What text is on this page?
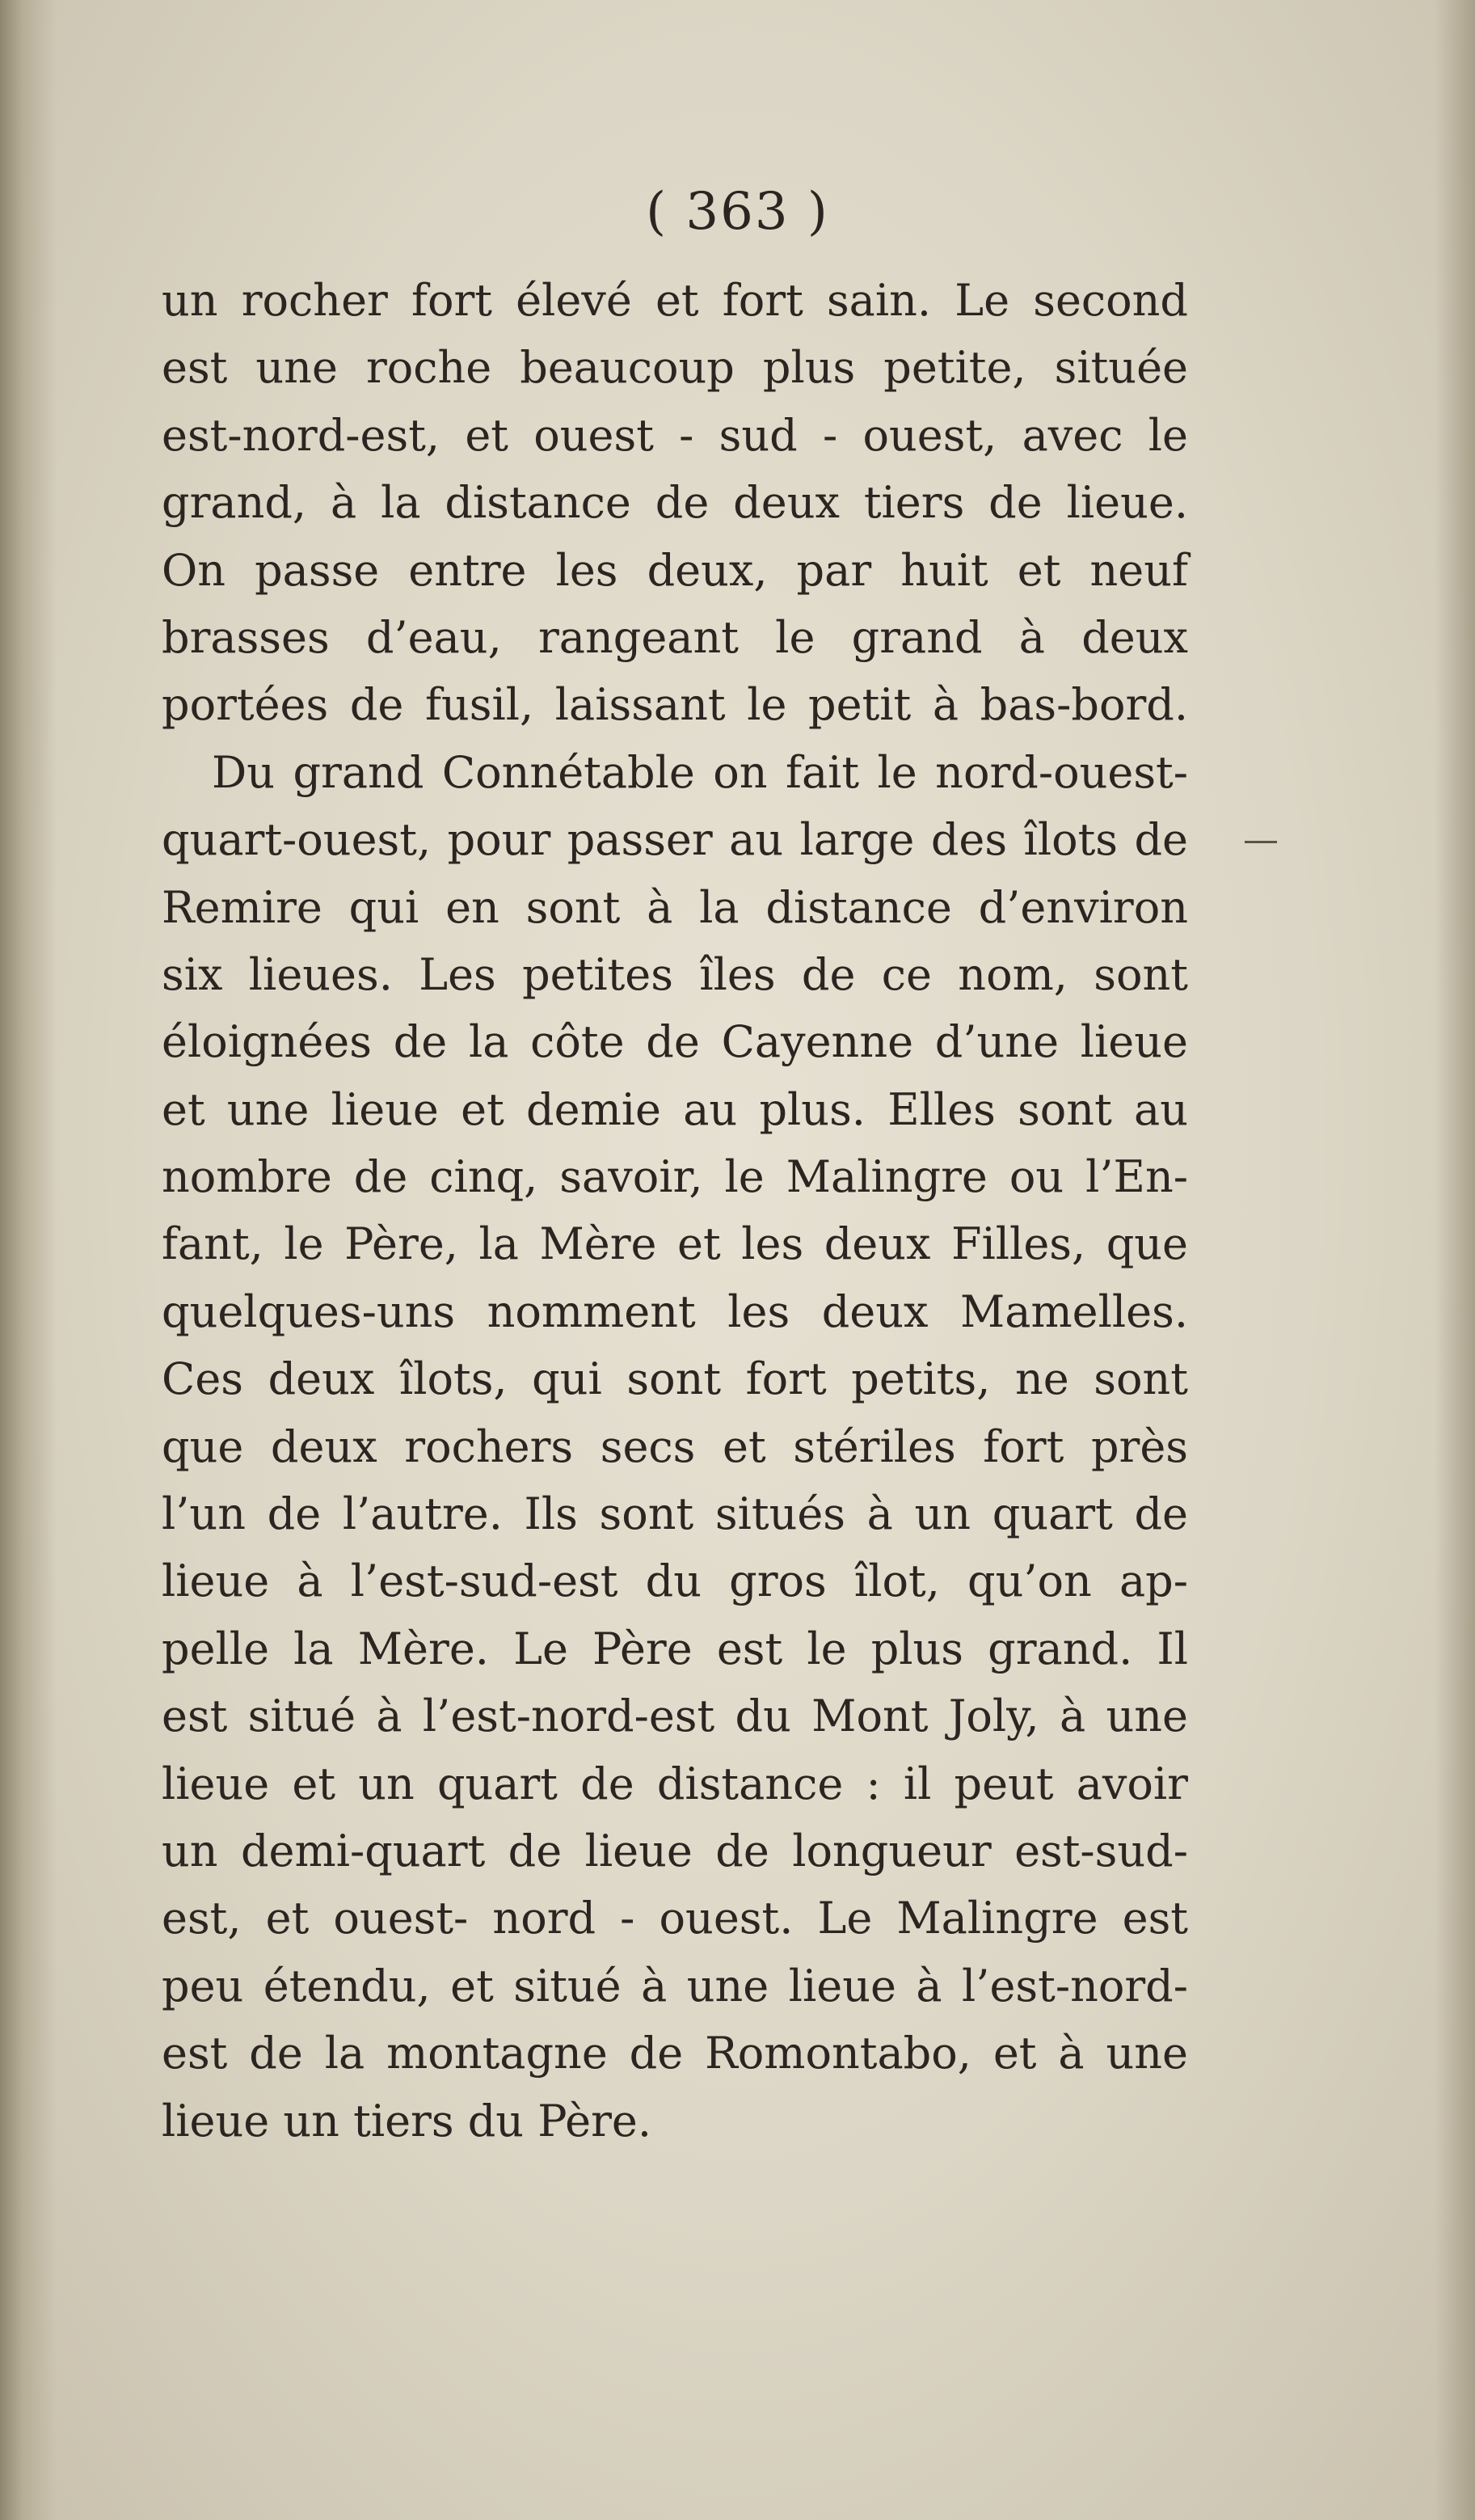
( 363 )
un rocher fort élevé et fort sain. Le second
est une roche beaucoup plus petite, située
est-nord-est, et ouest - sud - ouest, avec le
grand, à la distance de deux tiers de lieue.
On passe entre les deux, par huit et neuf
brasses d’eau, rangeant le grand à deux
portées de fusil, laissant le petit à bas-bord.
Du grand Connétable on fait le nord-ouest-
quart-ouest, pour passer au large des îlots de
Remire qui en sont à la distance d’environ
six lieues. Les petites îles de ce nom, sont
éloignées de la côte de Cayenne d’une lieue
et une lieue et demie au plus. Elles sont au
nombre de cinq, savoir, le Malingre ou l’En-
fant, le Père, la Mère et les deux Filles, que
quelques-uns nomment les deux Mamelles.
Ces deux îlots, qui sont fort petits, ne sont
que deux rochers secs et stériles fort près
l’un de l’autre. Ils sont situés à un quart de
lieue à l’est-sud-est du gros îlot, qu’on ap-
pelle la Mère. Le Père est le plus grand. Il
est situé à l’est-nord-est du Mont Joly, à une
lieue et un quart de distance : il peut avoir
un demi-quart de lieue de longueur est-sud-
est, et ouest- nord - ouest. Le Malingre est
peu étendu, et situé à une lieue à l’est-nord-
est de la montagne de Romontabo, et à une
lieue un tiers du Père.
